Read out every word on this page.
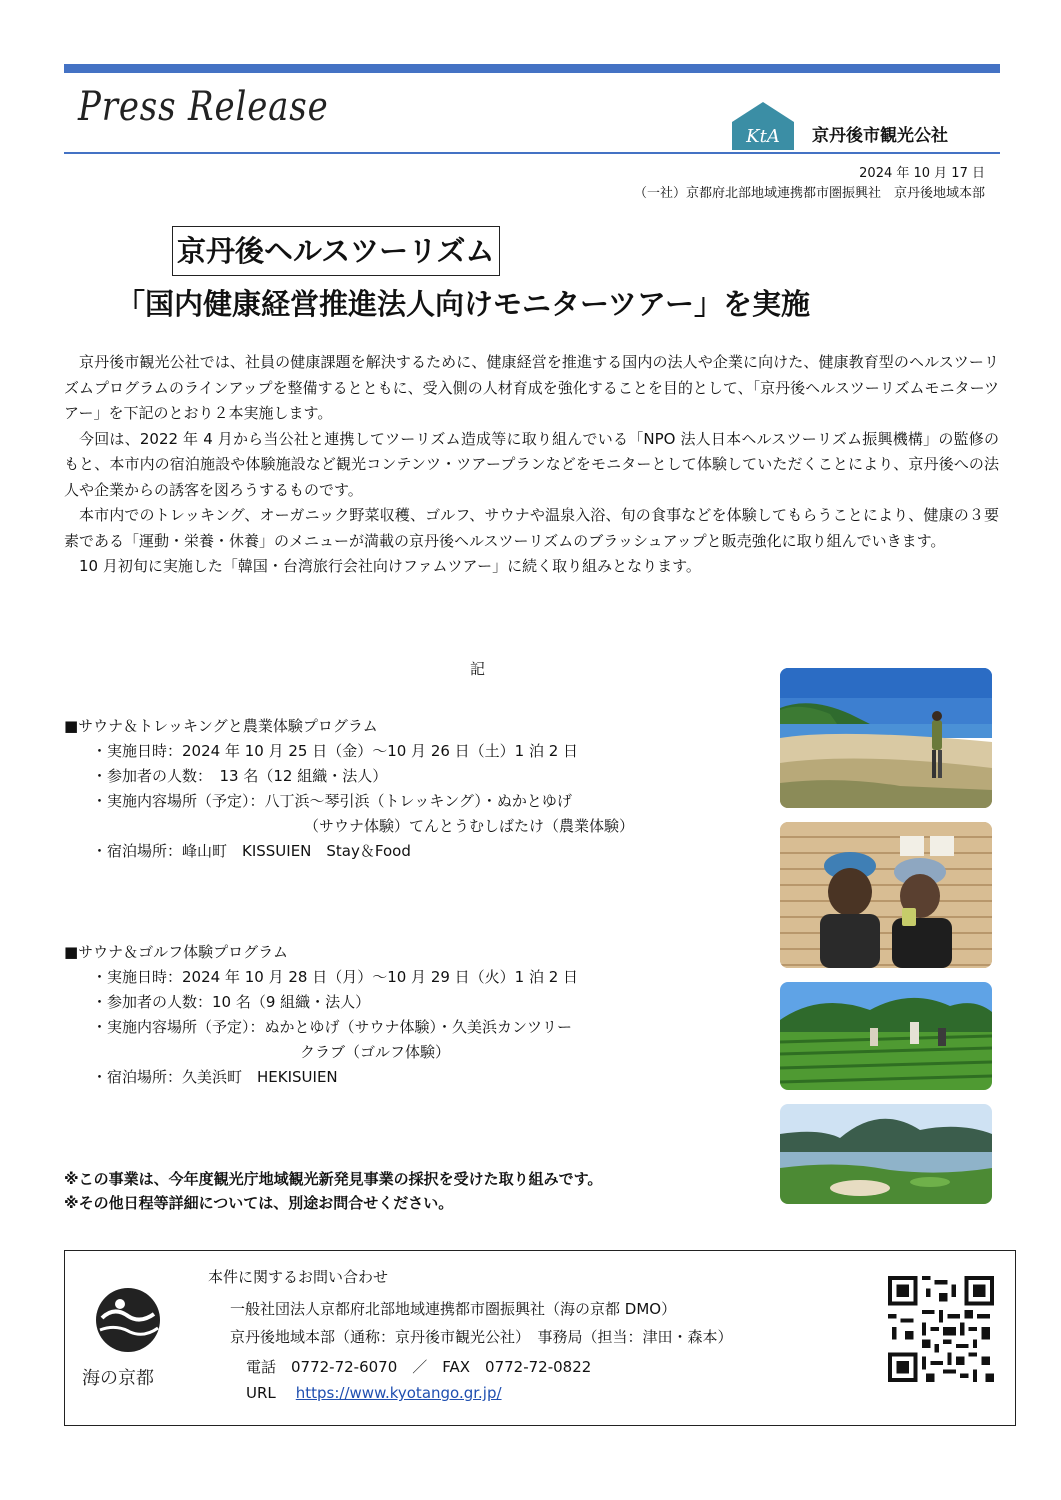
Press Release
KtA 京丹後市観光公社
2024 年 10 月 17 日
（一社）京都府北部地域連携都市圏振興社　京丹後地域本部
京丹後ヘルスツーリズム
「国内健康経営推進法人向けモニターツアー」を実施

京丹後市観光公社では、社員の健康課題を解決するために、健康経営を推進する国内の法人や企業に向けた、健康教育型のヘルスツーリズムプログラムのラインアップを整備するとともに、受入側の人材育成を強化することを目的として、「京丹後ヘルスツーリズムモニターツアー」を下記のとおり２本実施します。

今回は、2022 年 4 月から当公社と連携してツーリズム造成等に取り組んでいる「NPO 法人日本ヘルスツーリズム振興機構」の監修のもと、本市内の宿泊施設や体験施設など観光コンテンツ・ツアープランなどをモニターとして体験していただくことにより、京丹後への法人や企業からの誘客を図ろうするものです。

本市内でのトレッキング、オーガニック野菜収穫、ゴルフ、サウナや温泉入浴、旬の食事などを体験してもらうことにより、健康の３要素である「運動・栄養・休養」のメニューが満載の京丹後ヘルスツーリズムのブラッシュアップと販売強化に取り組んでいきます。

10 月初旬に実施した「韓国・台湾旅行会社向けファムツアー」に続く取り組みとなります。

記
■サウナ＆トレッキングと農業体験プログラム
・実施日時：2024 年 10 月 25 日（金）～10 月 26 日（土）1 泊 2 日
・参加者の人数：　13 名（12 組織・法人）
・実施内容場所（予定）：八丁浜～琴引浜（トレッキング）・ぬかとゆげ
（サウナ体験）てんとうむしばたけ（農業体験）
・宿泊場所：峰山町　KISSUIEN　Stay＆Food
■サウナ＆ゴルフ体験プログラム
・実施日時：2024 年 10 月 28 日（月）～10 月 29 日（火）1 泊 2 日
・参加者の人数：10 名（9 組織・法人）
・実施内容場所（予定）：ぬかとゆげ（サウナ体験）・久美浜カンツリー
クラブ（ゴルフ体験）
・宿泊場所：久美浜町　HEKISUIEN
※この事業は、今年度観光庁地域観光新発見事業の採択を受けた取り組みです。
※その他日程等詳細については、別途お問合せください。
海の京都
本件に関するお問い合わせ
一般社団法人京都府北部地域連携都市圏振興社（海の京都 DMO）
京丹後地域本部（通称：京丹後市観光公社）　事務局（担当：津田・森本）
電話　0772-72-6070　／　FAX　0772-72-0822
URL https://www.kyotango.gr.jp/
